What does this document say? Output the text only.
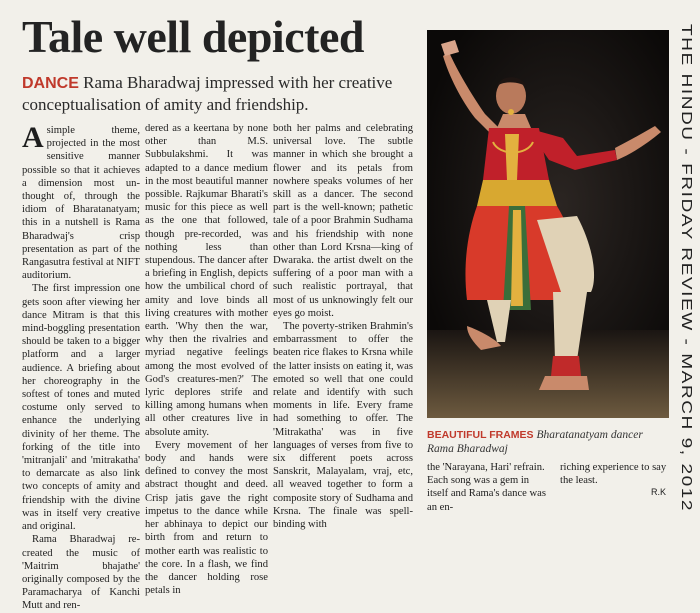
Tale well depicted
DANCE Rama Bharadwaj impressed with her creative conceptualisation of amity and friendship.

Asimple theme, projected in the most sensitive manner possible so that it achieves a dimension most un-thought of, through the idiom of Bharatanatyam; this in a nutshell is Rama Bharadwaj's crisp presentation as part of the Rangasutra festival at NIFT auditorium.

The first impression one gets soon after viewing her dance Mitram is that this mind-boggling presentation should be taken to a bigger platform and a larger audience. A briefing about her choreography in the softest of tones and muted costume only served to enhance the underlying divinity of her theme. The forking of the title into 'mitranjali' and 'mitrakatha' to demarcate as also link two concepts of amity and friendship with the divine was in itself very creative and original.

Rama Bharadwaj re-created the music of 'Maitrim bhajathe' originally composed by the Paramacharya of Kanchi Mutt and ren-

dered as a keertana by none other than M.S. Subbulakshmi. It was adapted to a dance medium in the most beautiful manner possible. Rajkumar Bharati's music for this piece as well as the one that followed, though pre-recorded, was nothing less than stupendous. The dancer after a briefing in English, depicts how the umbilical chord of amity and love binds all living creatures with mother earth. 'Why then the war, why then the rivalries and myriad negative feelings among the most evolved of God's creatures-men?' The lyric deplores strife and killing among humans when all other creatures live in absolute amity.

Every movement of her body and hands were defined to convey the most abstract thought and deed. Crisp jatis gave the right impetus to the dance while her abhinaya to depict our birth from and return to mother earth was realistic to the core. In a flash, we find the dancer holding rose petals in

both her palms and celebrating universal love. The subtle manner in which she brought a flower and its petals from nowhere speaks volumes of her skill as a dancer. The second part is the well-known; pathetic tale of a poor Brahmin Sudhama and his friendship with none other than Lord Krsna—king of Dwaraka. the artist dwelt on the suffering of a poor man with a such realistic portrayal, that most of us unknowingly felt our eyes go moist.

The poverty-striken Brahmin's embarrassment to offer the beaten rice flakes to Krsna while the latter insists on eating it, was emoted so well that one could relate and identify with such moments in life. Every frame had something to offer. The 'Mitrakatha' was in five languages of verses from five to six different poets across Sanskrit, Malayalam, vraj, etc, all weaved together to form a composite story of Sudhama and Krsna. The finale was spell-binding with

BEAUTIFUL FRAMES Bharatanatyam dancer Rama Bharadwaj
the 'Narayana, Hari' refrain. Each song was a gem in itself and Rama's dance was an en-
riching experience to say the least.
R.K
THE HINDU - FRIDAY REVIEW - MARCH 9, 2012
